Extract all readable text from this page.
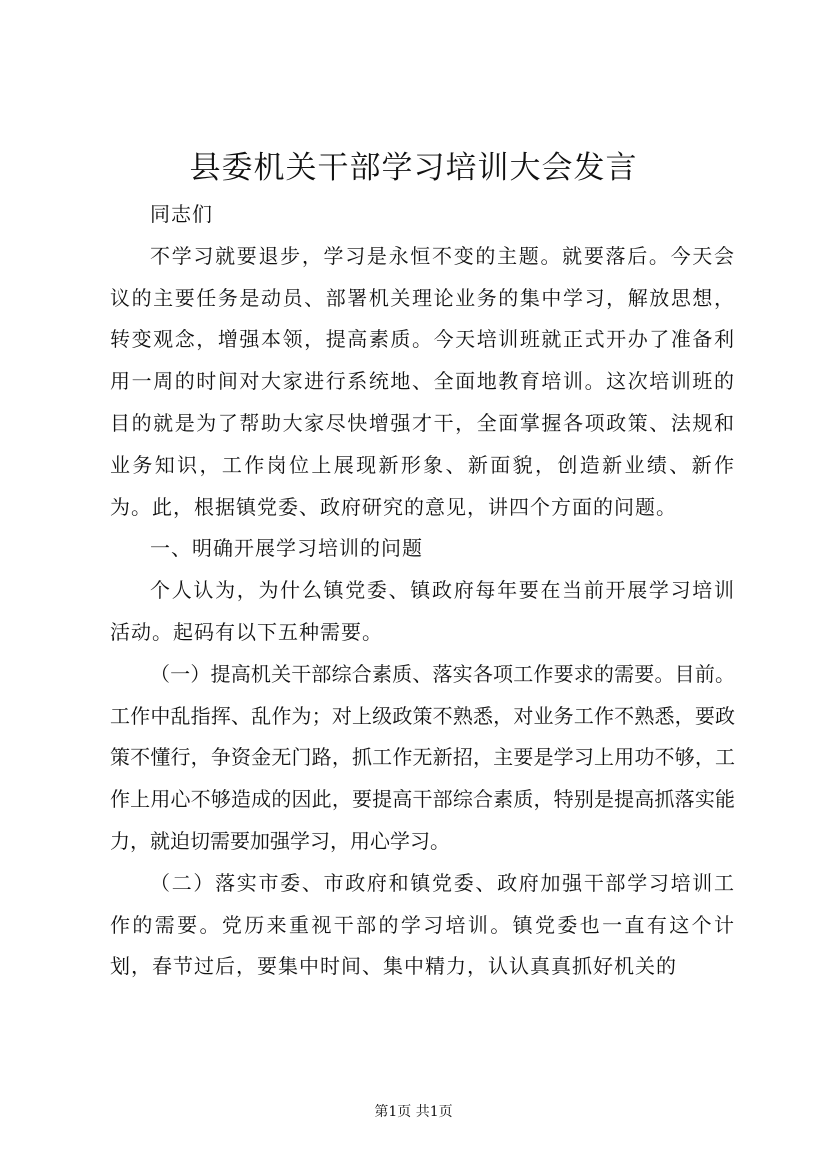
县委机关干部学习培训大会发言

同志们

不学习就要退步，学习是永恒不变的主题。就要落后。今天会议的主要任务是动员、部署机关理论业务的集中学习，解放思想，转变观念，增强本领，提高素质。今天培训班就正式开办了准备利用一周的时间对大家进行系统地、全面地教育培训。这次培训班的目的就是为了帮助大家尽快增强才干，全面掌握各项政策、法规和业务知识，工作岗位上展现新形象、新面貌，创造新业绩、新作为。此，根据镇党委、政府研究的意见，讲四个方面的问题。

一、明确开展学习培训的问题

个人认为，为什么镇党委、镇政府每年要在当前开展学习培训活动。起码有以下五种需要。

（一）提高机关干部综合素质、落实各项工作要求的需要。目前。工作中乱指挥、乱作为；对上级政策不熟悉，对业务工作不熟悉，要政策不懂行，争资金无门路，抓工作无新招，主要是学习上用功不够，工作上用心不够造成的因此，要提高干部综合素质，特别是提高抓落实能力，就迫切需要加强学习，用心学习。

（二）落实市委、市政府和镇党委、政府加强干部学习培训工作的需要。党历来重视干部的学习培训。镇党委也一直有这个计划，春节过后，要集中时间、集中精力，认认真真抓好机关的

第1页 共1页
